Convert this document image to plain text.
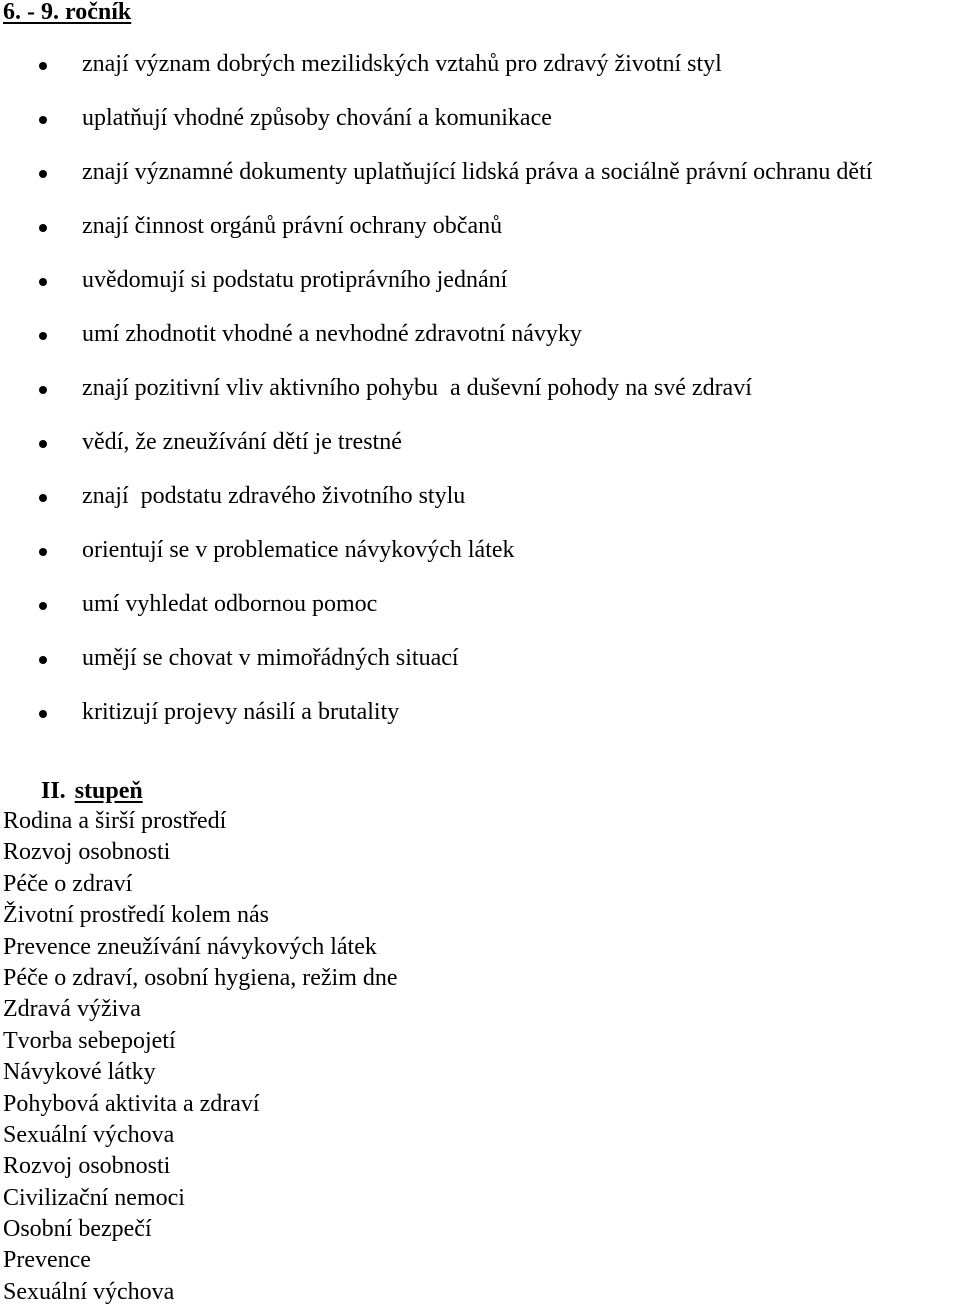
6. - 9. ročník
znají význam dobrých mezilidských vztahů pro zdravý životní styl
uplatňují vhodné způsoby chování a komunikace
znají významné dokumenty uplatňující lidská práva a sociálně právní ochranu dětí
znají činnost orgánů právní ochrany občanů
uvědomují si podstatu protiprávního jednání
umí zhodnotit vhodné a nevhodné zdravotní návyky
znají pozitivní vliv aktivního pohybu  a duševní pohody na své zdraví
vědí, že zneužívání dětí je trestné
znají  podstatu zdravého životního stylu
orientují se v problematice návykových látek
umí vyhledat odbornou pomoc
umějí se chovat v mimořádných situací
kritizují projevy násilí a brutality
II. stupeň
Rodina a širší prostředí
Rozvoj osobnosti
Péče o zdraví
Životní prostředí kolem nás
Prevence zneužívání návykových látek
Péče o zdraví, osobní hygiena, režim dne
Zdravá výživa
Tvorba sebepojetí
Návykové látky
Pohybová aktivita a zdraví
Sexuální výchova
Rozvoj osobnosti
Civilizační nemoci
Osobní bezpečí
Prevence
Sexuální výchova
